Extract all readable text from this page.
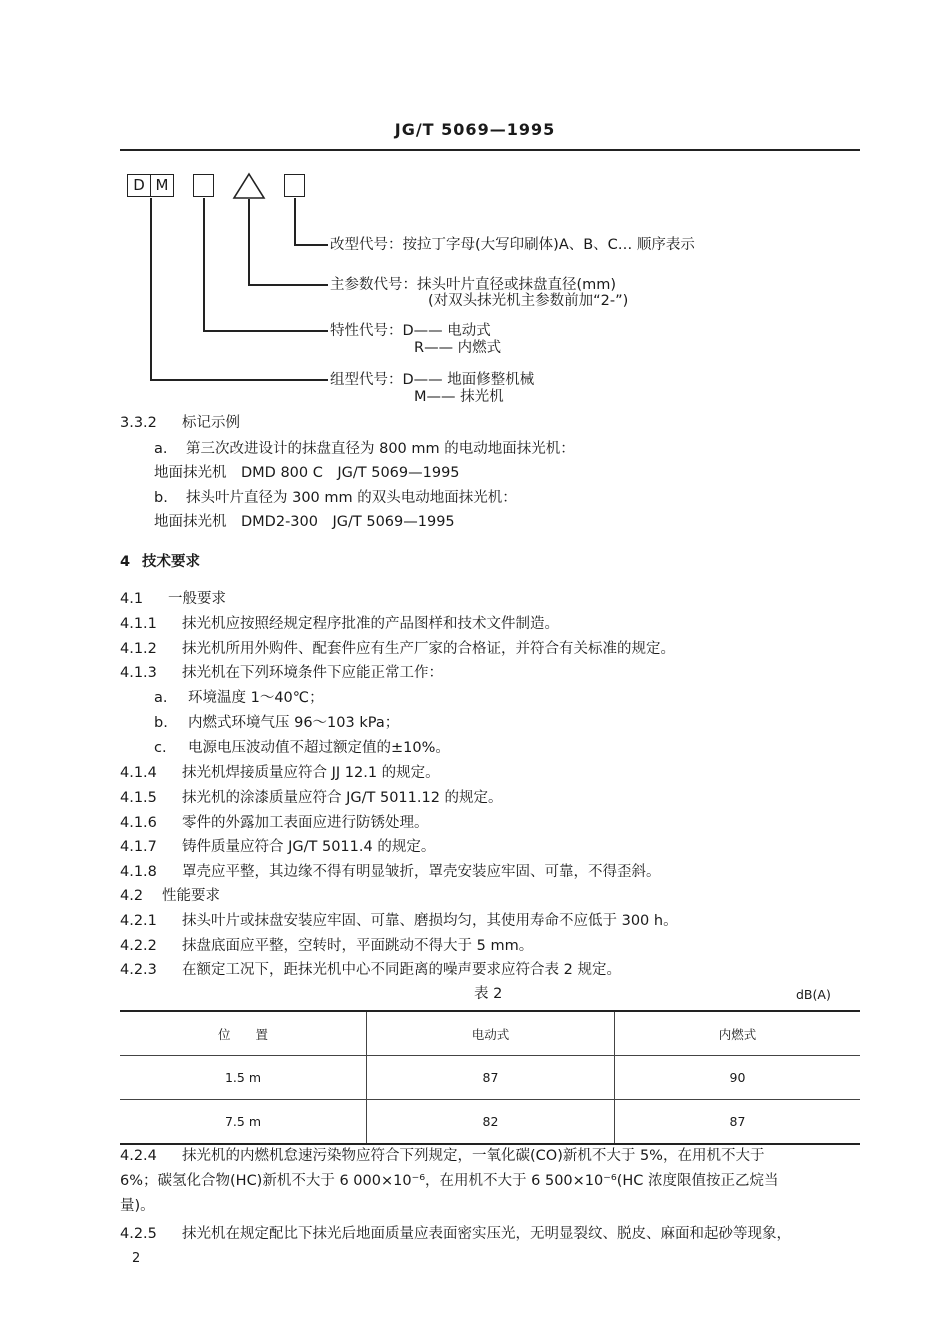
JG/T 5069—1995
D M
改型代号：按拉丁字母(大写印刷体)A、B、C… 顺序表示
主参数代号：抹头叶片直径或抹盘直径(mm)
(对双头抹光机主参数前加“2-”)
特性代号：D—— 电动式
R—— 内燃式
组型代号：D—— 地面修整机械
M—— 抹光机
3.3.2 标记示例
a. 第三次改进设计的抹盘直径为 800 mm 的电动地面抹光机：
地面抹光机　DMD 800 C　JG/T 5069—1995
b. 抹头叶片直径为 300 mm 的双头电动地面抹光机：
地面抹光机　DMD2-300　JG/T 5069—1995
4 技术要求
4.1 一般要求
4.1.1 抹光机应按照经规定程序批准的产品图样和技术文件制造。
4.1.2 抹光机所用外购件、配套件应有生产厂家的合格证，并符合有关标准的规定。
4.1.3 抹光机在下列环境条件下应能正常工作：
a. 环境温度 1～40℃；
b. 内燃式环境气压 96～103 kPa；
c. 电源电压波动值不超过额定值的±10%。
4.1.4 抹光机焊接质量应符合 JJ 12.1 的规定。
4.1.5 抹光机的涂漆质量应符合 JG/T 5011.12 的规定。
4.1.6 零件的外露加工表面应进行防锈处理。
4.1.7 铸件质量应符合 JG/T 5011.4 的规定。
4.1.8 罩壳应平整，其边缘不得有明显皱折，罩壳安装应牢固、可靠，不得歪斜。
4.2 性能要求
4.2.1 抹头叶片或抹盘安装应牢固、可靠、磨损均匀，其使用寿命不应低于 300 h。
4.2.2 抹盘底面应平整，空转时，平面跳动不得大于 5 mm。
4.2.3 在额定工况下，距抹光机中心不同距离的噪声要求应符合表 2 规定。
表 2	dB(A)
位　　置	电动式	内燃式
1.5 m	87	90
7.5 m	82	87
4.2.4 抹光机的内燃机怠速污染物应符合下列规定，一氧化碳(CO)新机不大于 5%，在用机不大于
6%；碳氢化合物(HC)新机不大于 6 000×10⁻⁶，在用机不大于 6 500×10⁻⁶(HC 浓度限值按正乙烷当
量)。
4.2.5 抹光机在规定配比下抹光后地面质量应表面密实压光，无明显裂纹、脱皮、麻面和起砂等现象，
2
